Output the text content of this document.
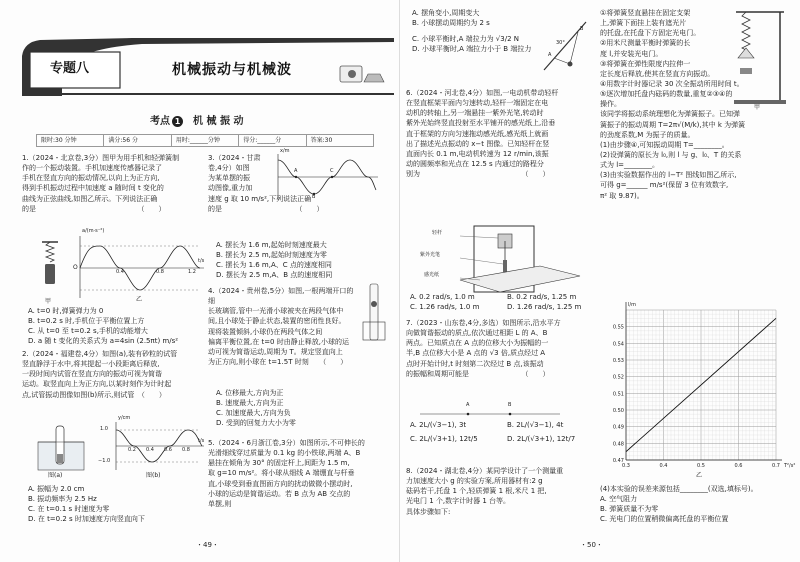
专题八	机械振动与机械波
考点 1 机 械 振 动
限时:30 分钟	满分:56 分	用时:______分钟	得分:______分	答案:30
1.（2024・北京卷,3分）图甲为用手机和轻弹簧制
作的一个振动装置。手机加速度传感器记录了
手机在竖直方向的振动情况,以向上为正方向,
得到手机振动过程中加速度 a 随时间 t 变化的
曲线为正弦曲线,如图乙所示。下列说法正确
的是　　　　　　　　　　　　　　　（　　）
甲
a/(m·s⁻²)
O
0.4	0.8	1.2
t/s
乙
A. t=0 时,弹簧弹力为 0
B. t=0.2 s 时,手机位于平衡位置上方
C. 从 t=0 至 t=0.2 s,手机的动能增大
D. a 随 t 变化的关系式为 a=4sin (2.5πt) m/s²
2.（2024・福建卷,4分）如图(a),装有砂粒的试管
竖直静浮于水中,将其提起一小段距离后释放,
一段时间内试管在竖直方向的振动可视为简谐
运动。取竖直向上为正方向,以某时刻作为计时起
点,试管振动图像如图(b)所示,则试管　（　　）
图(a)
y/cm
1.0
−1.0
0.2 0.4 0.6 0.8
t/s
图(b)
A. 振幅为 2.0 cm
B. 振动频率为 2.5 Hz
C. 在 t=0.1 s 时速度为零
D. 在 t=0.2 s 时加速度方向竖直向下
3.（2024・甘肃
卷,4分）如图
为某单摆的振
动图像,重力加
速度 g 取 10 m/s²,下列说法正确
的是　　　　　　　　　　　（　　）
x/m
A
B
C
A. 摆长为 1.6 m,起始时刻速度最大
B. 摆长为 2.5 m,起始时刻速度为零
C. 摆长为 1.6 m,A、C 点的速度相同
D. 摆长为 2.5 m,A、B 点的速度相同
4.（2024・贵州卷,5分）如图,一根两端开口的细
长玻璃管,管中一光滑小球被夹在两段气体中
间,且小球处于静止状态,装置的密闭性良好。
现将装置倾斜,小球仍在两段气体之间
偏离平衡位置,在 t=0 时由静止释放,小球的运
动可视为简谐运动,周期为 T。规定竖直向上
为正方向,则小球在 t=1.5T 时刻　　（　　）
A. 位移最大,方向为正
B. 速度最大,方向为正
C. 加速度最大,方向为负
D. 受到的回复力大小为零
5.（2024・6月浙江卷,3分）如图所示,不可伸长的
光滑细线穿过质量为 0.1 kg 的小铁球,两端 A、B
悬挂在倾角为 30° 的固定杆上,间距为 1.5 m,
取 g=10 m/s²。将小球从细线 A 端绷直与杆垂
直,小球受到垂直图面方向的扰动做微小摆动时,
小球的运动是简谐运动。若 B 点为 AB 交点的
单摆,则
・49・
A. 摆角变小,周期变大
B. 小球摆动周期约为 2 s
C. 小球平衡时,A 端拉力为 √3/2 N
D. 小球平衡时,A 端拉力小于 B 端拉力
A
B
30°
6.（2024・河北卷,4分）如图,一电动机带动轻杆
在竖直框架平面内匀速转动,轻杆一端固定在电
动机的转轴上,另一端悬挂一紫外光笔,转动时
紫外光始终竖直投射至水平铺开的感光纸上,沿垂
直于框架的方向匀速拖动感光纸,感光纸上就画
出了描述光点振动的 x−t 图像。已知轻杆在竖
直面内长 0.1 m,电动机转速为 12 r/min,该振
动的圆频率和光点在 12.5 s 内通过的路程分
别为　　　　　　　　　　　　　　　（　　）
轻杆
紫外光笔
感光纸
A. 0.2 rad/s, 1.0 m	B. 0.2 rad/s, 1.25 m
C. 1.26 rad/s, 1.0 m	D. 1.26 rad/s, 1.25 m
7.（2023・山东卷,4分,多选）如图所示,沿水平方
向做简谐振动的质点,依次通过相距 L 的 A、B
两点。已知质点在 A 点的位移大小为振幅的一
半,B 点位移大小是 A 点的 √3 倍,质点经过 A
点时开始计时,t 时刻第二次经过 B 点,该振动
的振幅和周期可能是　　　　　　　　（　　）
A	B
A. 2L/(√3−1), 3t	B. 2L/(√3−1), 4t
C. 2L/(√3+1), 12t/5	D. 2L/(√3+1), 12t/7
8.（2024・湖北卷,4分）某同学设计了一个测量重
力加速度大小 g 的实验方案,所用器材有:2 g
砝码若干,托盘 1 个,轻质弹簧 1 根,米尺 1 把,
光电门 1 个,数字计时器 1 台等。
具体步骤如下:
・50・
①将弹簧竖直悬挂在固定支架
上,弹簧下面挂上装有遮光片
的托盘,在托盘下方固定光电门。
②用米尺测量平衡时弹簧的长
度 l,并安装光电门。
③将弹簧在弹性限度内拉伸一
定长度后释放,使其在竖直方向振动。
④用数字计时器记录 30 次全振动所用时间 t。
⑤逐次增加托盘内砝码的数量,重复②③④的
操作。
该同学将振动系统理想化为弹簧振子。已知弹
簧振子的振动周期 T=2π√(M/k),其中 k 为弹簧
的劲度系数,M 为振子的质量。
(1)由步骤④,可知振动周期 T=________。
(2)设弹簧的原长为 l₀,则 l 与 g、l₀、T 的关系
式为 l=________。
(3)由实验数据作出的 l−T² 图线如图乙所示,
可得 g=______ m/s²(保留 3 位有效数字,
π² 取 9.87)。
甲
0.3	0.4	0.5	0.6	0.7
0.47
0.48
0.49
0.50
0.51
0.52
0.53
0.54
0.55
T²/s²
l/m
乙
(4)本实验的误差来源包括________(双选,填标号)。
A. 空气阻力
B. 弹簧质量不为零
C. 光电门的位置稍微偏离托盘的平衡位置
